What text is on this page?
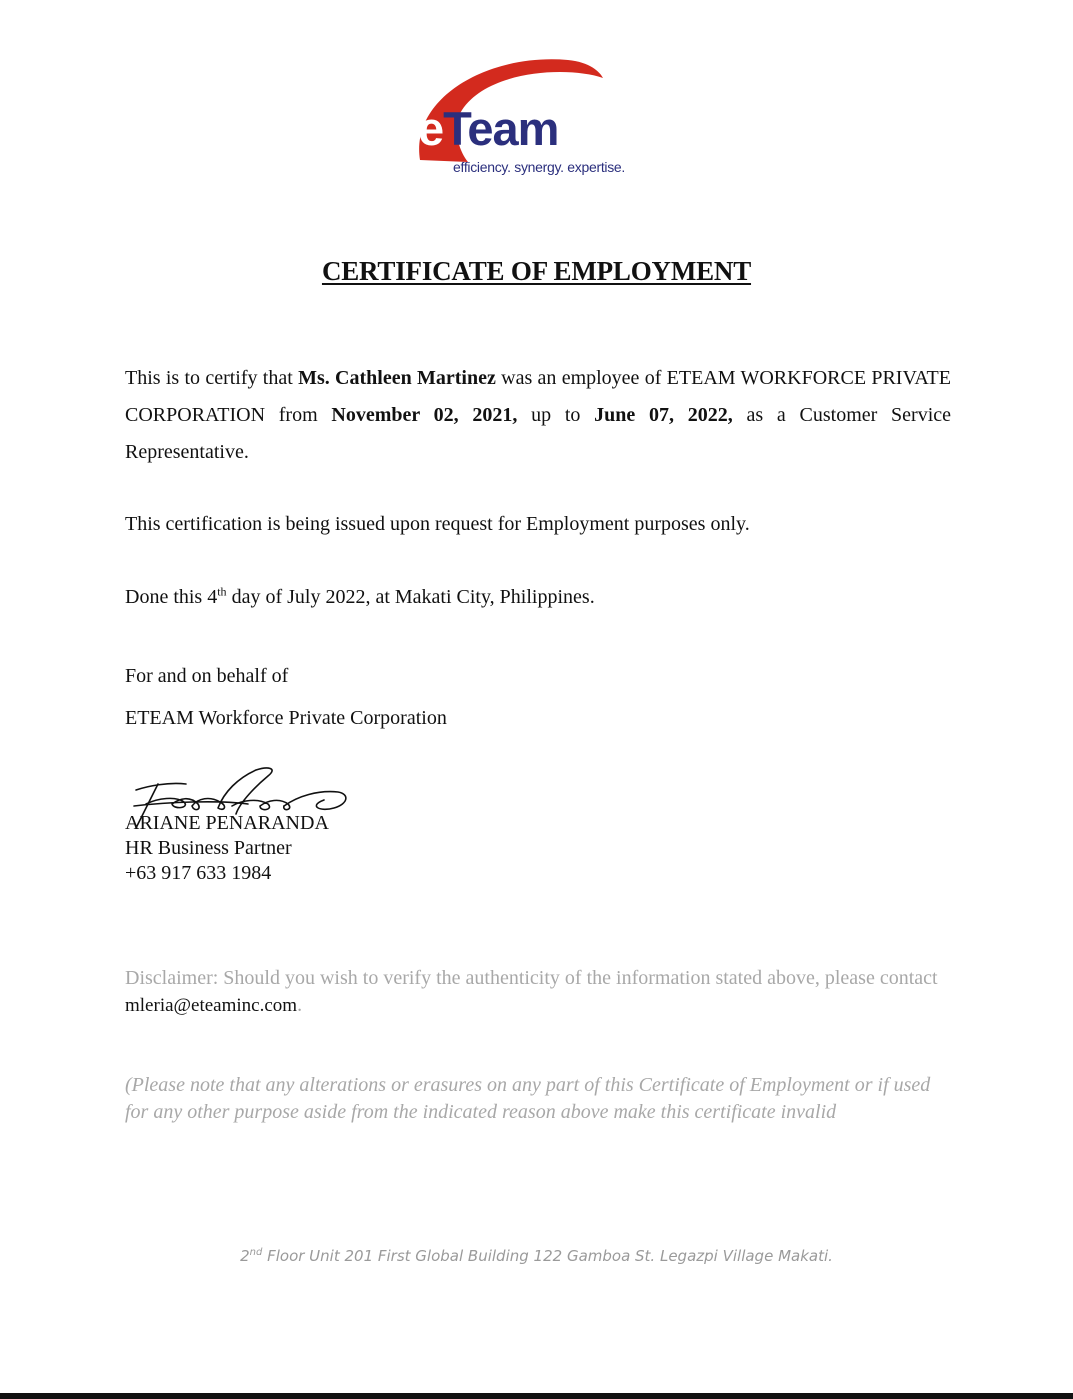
eTeam
efficiency. synergy. expertise.
CERTIFICATE OF EMPLOYMENT
This is to certify that Ms. Cathleen Martinez was an employee of ETEAM WORKFORCE PRIVATE CORPORATION from November 02, 2021, up to June 07, 2022, as a Customer Service Representative.
This certification is being issued upon request for Employment purposes only.
Done this 4th day of July 2022, at Makati City, Philippines.
For and on behalf of
ETEAM Workforce Private Corporation
ARIANE PENARANDA
HR Business Partner
+63 917 633 1984
Disclaimer: Should you wish to verify the authenticity of the information stated above, please contact mleria@eteaminc.com.
(Please note that any alterations or erasures on any part of this Certificate of Employment or if used for any other purpose aside from the indicated reason above make this certificate invalid
2nd Floor Unit 201 First Global Building 122 Gamboa St. Legazpi Village Makati.
